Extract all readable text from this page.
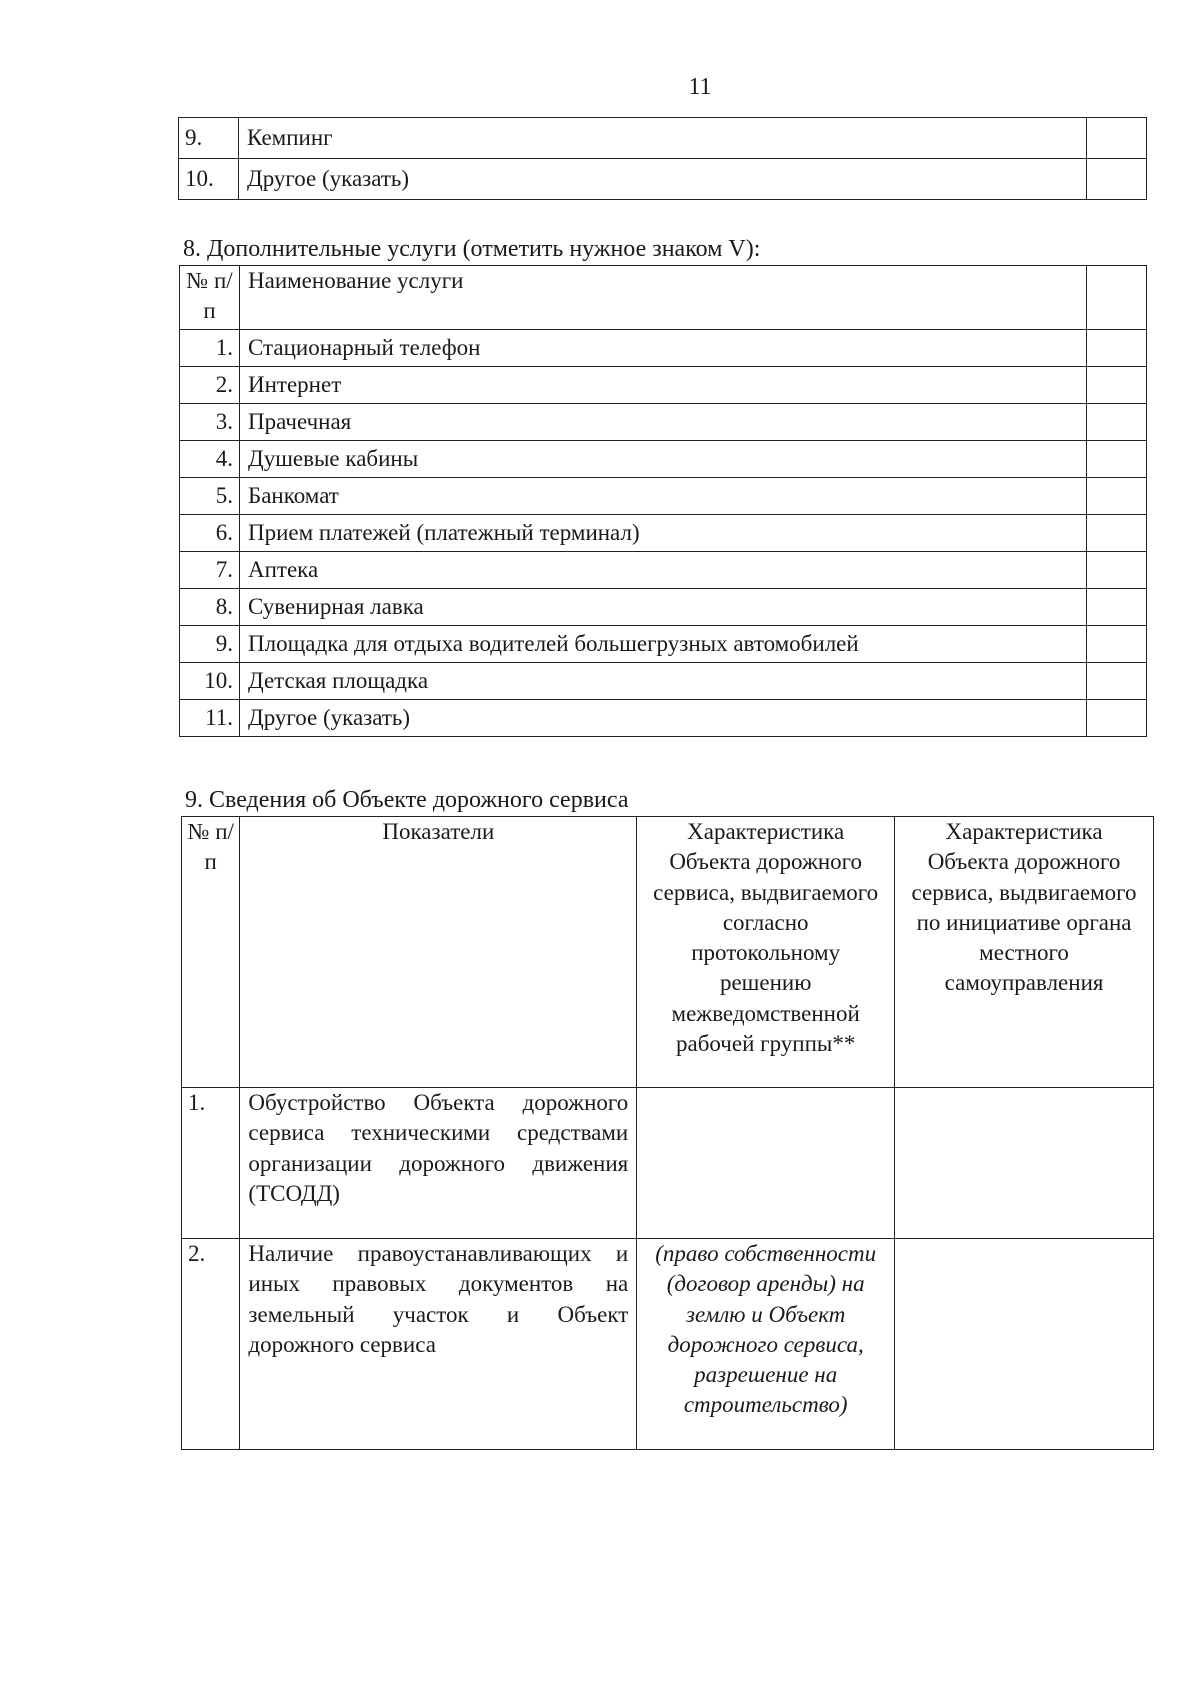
11
9.	Кемпинг	
10.	Другое (указать)	
8. Дополнительные услуги (отметить нужное знаком V):
№ п/п	Наименование услуги	
1.	Стационарный телефон	
2.	Интернет	
3.	Прачечная	
4.	Душевые кабины	
5.	Банкомат	
6.	Прием платежей (платежный терминал)	
7.	Аптека	
8.	Сувенирная лавка	
9.	Площадка для отдыха водителей большегрузных автомобилей	
10.	Детская площадка	
11.	Другое (указать)	
9. Сведения об Объекте дорожного сервиса
№ п/п	Показатели	Характеристика Объекта дорожного сервиса, выдвигаемого согласно протокольному решению межведомственной рабочей группы**	Характеристика Объекта дорожного сервиса, выдвигаемого по инициативе органа местного самоуправления
1.	Обустройство Объекта дорожного сервиса техническими средствами организации дорожного движения (ТСОДД)		
2.	Наличие правоустанавливающих и иных правовых документов на земельный участок и Объект дорожного сервиса	(право собственности (договор аренды) на землю и Объект дорожного сервиса, разрешение на строительство)	
